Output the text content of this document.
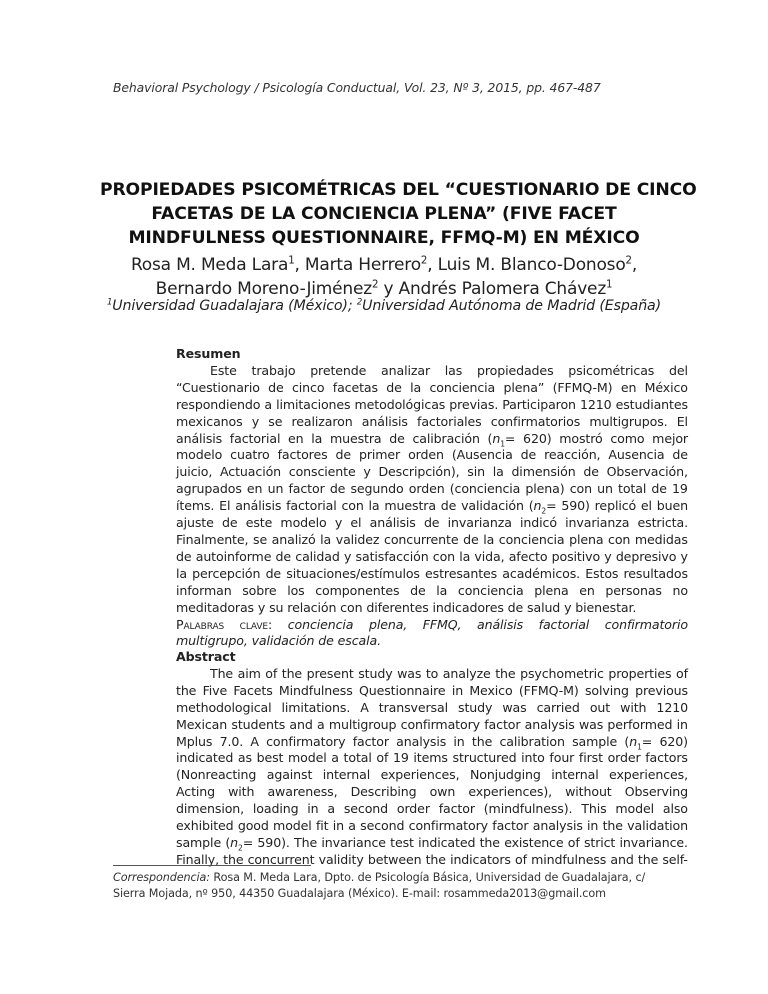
Behavioral Psychology / Psicología Conductual, Vol. 23, Nº 3, 2015, pp. 467-487
PROPIEDADES PSICOMÉTRICAS DEL “CUESTIONARIO DE CINCO
FACETAS DE LA CONCIENCIA PLENA” (FIVE FACET
MINDFULNESS QUESTIONNAIRE, FFMQ-M) EN MÉXICO
Rosa M. Meda Lara$^1$, Marta Herrero$^2$, Luis M. Blanco-Donoso$^2$,
Bernardo Moreno-Jiménez$^2$ y Andrés Palomera Chávez$^1$
$^1$Universidad Guadalajara (México); $^2$Universidad Autónoma de Madrid (España)
Resumen
Este trabajo pretende analizar las propiedades psicométricas del
“Cuestionario de cinco facetas de la conciencia plena” (FFMQ-M) en México
respondiendo a limitaciones metodológicas previas. Participaron 1210 estudiantes
mexicanos y se realizaron análisis factoriales confirmatorios multigrupos. El
análisis factorial en la muestra de calibración $(n_1= 620)$ mostró como mejor
modelo cuatro factores de primer orden (Ausencia de reacción, Ausencia de
juicio, Actuación consciente y Descripción), sin la dimensión de Observación,
agrupados en un factor de segundo orden (conciencia plena) con un total de 19
ítems. El análisis factorial con la muestra de validación $(n_2= 590)$ replicó el buen
ajuste de este modelo y el análisis de invarianza indicó invarianza estricta.
Finalmente, se analizó la validez concurrente de la conciencia plena con medidas
de autoinforme de calidad y satisfacción con la vida, afecto positivo y depresivo y
la percepción de situaciones/estímulos estresantes académicos. Estos resultados
informan sobre los componentes de la conciencia plena en personas no
meditadoras y su relación con diferentes indicadores de salud y bienestar.
Palabras clave: conciencia plena, FFMQ, análisis factorial confirmatorio
multigrupo, validación de escala.
Abstract
The aim of the present study was to analyze the psychometric properties of
the Five Facets Mindfulness Questionnaire in Mexico (FFMQ-M) solving previous
methodological limitations. A transversal study was carried out with 1210
Mexican students and a multigroup confirmatory factor analysis was performed in
Mplus 7.0. A confirmatory factor analysis in the calibration sample $(n_1= 620)$
indicated as best model a total of 19 items structured into four first order factors
(Nonreacting against internal experiences, Nonjudging internal experiences,
Acting with awareness, Describing own experiences), without Observing
dimension, loading in a second order factor (mindfulness). This model also
exhibited good model fit in a second confirmatory factor analysis in the validation
sample $(n_2= 590)$. The invariance test indicated the existence of strict invariance.
Finally, the concurrent validity between the indicators of mindfulness and the self-
Correspondencia: Rosa M. Meda Lara, Dpto. de Psicología Básica, Universidad de Guadalajara, c/
Sierra Mojada, nº 950, 44350 Guadalajara (México). E-mail: rosammeda2013@gmail.com
